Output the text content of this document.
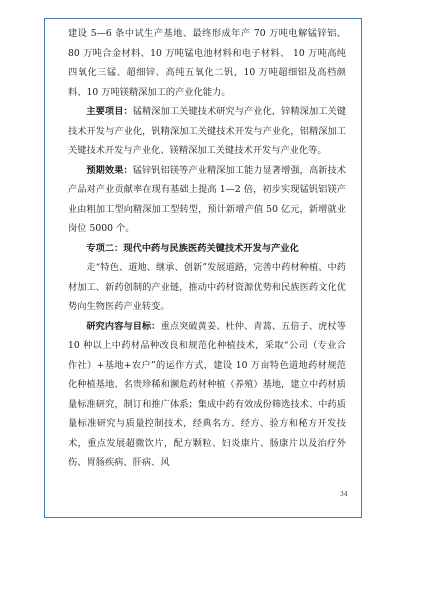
建设 5—6 条中试生产基地、最终形成年产 70 万吨电解锰锌铝、80 万吨合金材料、10 万吨锰电池材料和电子材料、 10 万吨高纯四氧化三锰、超细锌、高纯五氧化二钒，10 万吨超细铝及高档颜料、10 万吨镁精深加工的产业化能力。

主要项目：锰精深加工关键技术研究与产业化，锌精深加工关键技术开发与产业化，钒精深加工关键技术开发与产业化，铝精深加工关键技术开发与产业化、镁精深加工关键技术开发与产业化等。

预期效果：锰锌钒铝镁等产业精深加工能力显著增强，高新技术产品对产业贡献率在现有基础上提高 1—2 倍，初步实现锰钒铝镁产业由粗加工型向精深加工型转型，预计新增产值 50 亿元，新增就业岗位 5000 个。

专项二：现代中药与民族医药关键技术开发与产业化

走“特色、道地、继承、创新”发展道路，完善中药材种植、中药材加工、新药创制的产业链，推动中药材资源优势和民族医药文化优势向生物医药产业转变。

研究内容与目标：重点突破黄姜、杜仲、青蒿、五倍子、虎杖等 10 种以上中药材品种改良和规范化种植技术，采取“公司（专业合作社）+基地+农户”的运作方式，建设 10 万亩特色道地药材规范化种植基地、名贵珍稀和濒危药材种植（养殖）基地，建立中药材质量标准研究，制订和推广体系；集成中药有效成份筛选技术、中药质量标准研究与质量控制技术，经典名方、经方、验方和秘方开发技术，重点发展超微饮片，配方颗粒、妇炎康片、肠康片以及治疗外伤、胃肠疾病、肝病、风

34
